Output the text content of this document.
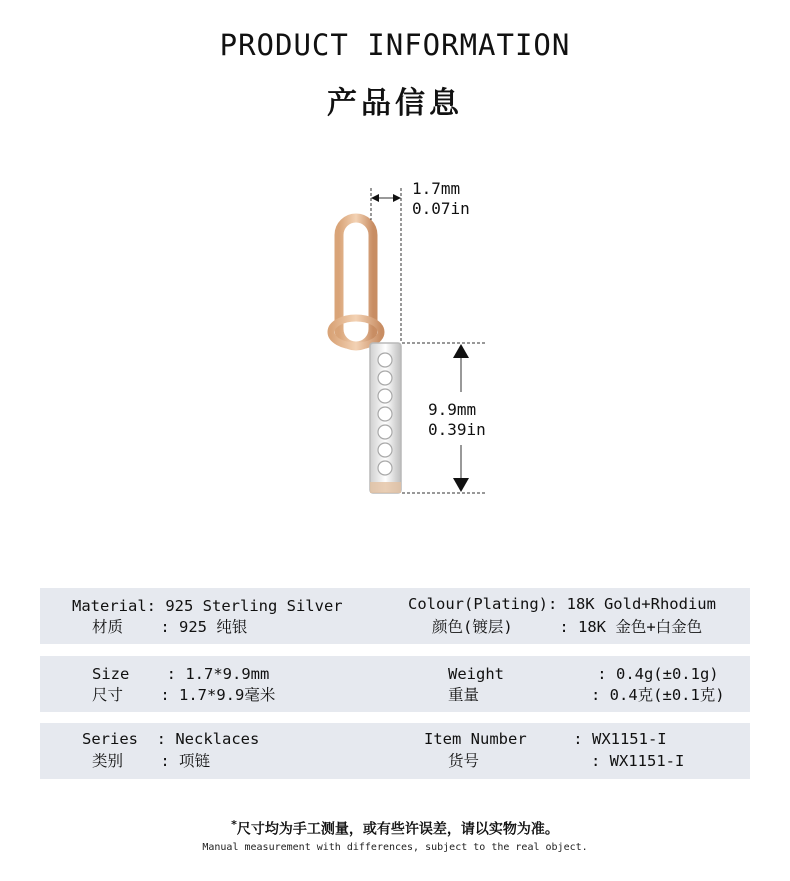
PRODUCT INFORMATION
产品信息
1.7mm
0.07in
9.9mm
0.39in
Material: 925 Sterling Silver
材质    : 925 纯银
Colour(Plating): 18K Gold+Rhodium
颜色(镀层)     : 18K 金色+白金色
Size    : 1.7*9.9mm
尺寸    : 1.7*9.9毫米
Weight          : 0.4g(±0.1g)
重量            : 0.4克(±0.1克)
Series  : Necklaces
类别    : 项链
Item Number     : WX1151-I
货号            : WX1151-I
*尺寸均为手工测量，或有些许误差，请以实物为准。
Manual measurement with differences, subject to the real object.
